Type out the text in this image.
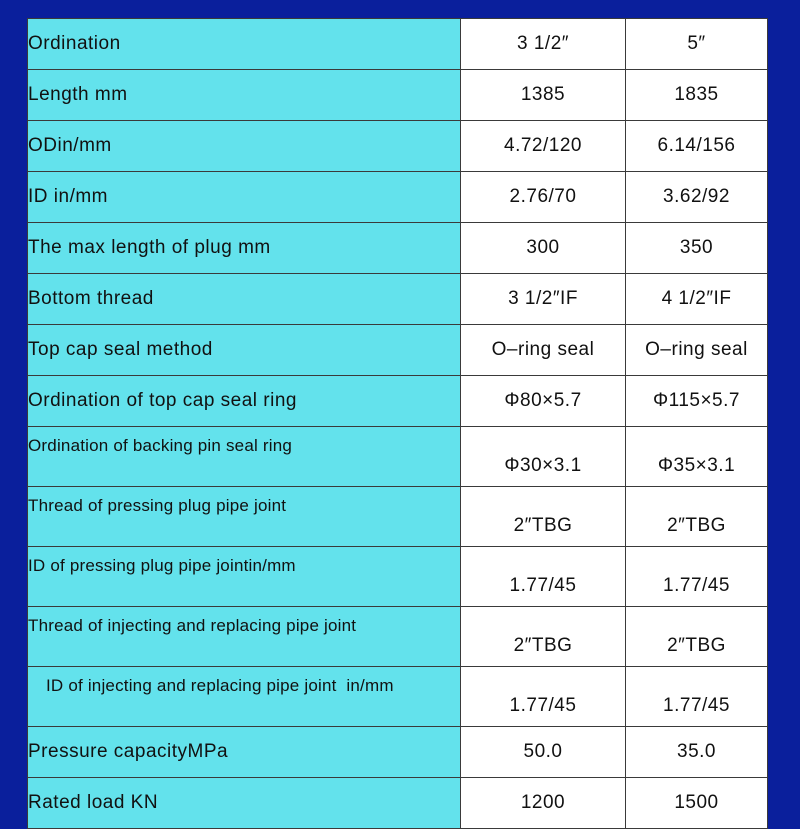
Ordination	3 1/2″	5″
Length mm	1385	1835
ODin/mm	4.72/120	6.14/156
ID in/mm	2.76/70	3.62/92
The max length of plug mm	300	350
Bottom thread	3 1/2″IF	4 1/2″IF
Top cap seal method	O–ring seal	O–ring seal
Ordination of top cap seal ring	Φ80×5.7	Φ115×5.7
Ordination of backing pin seal ring	Φ30×3.1	Φ35×3.1
Thread of pressing plug pipe joint	2″TBG	2″TBG
ID of pressing plug pipe jointin/mm	1.77/45	1.77/45
Thread of injecting and replacing pipe joint	2″TBG	2″TBG
ID of injecting and replacing pipe joint  in/mm	1.77/45	1.77/45
Pressure capacityMPa	50.0	35.0
Rated load KN	1200	1500
